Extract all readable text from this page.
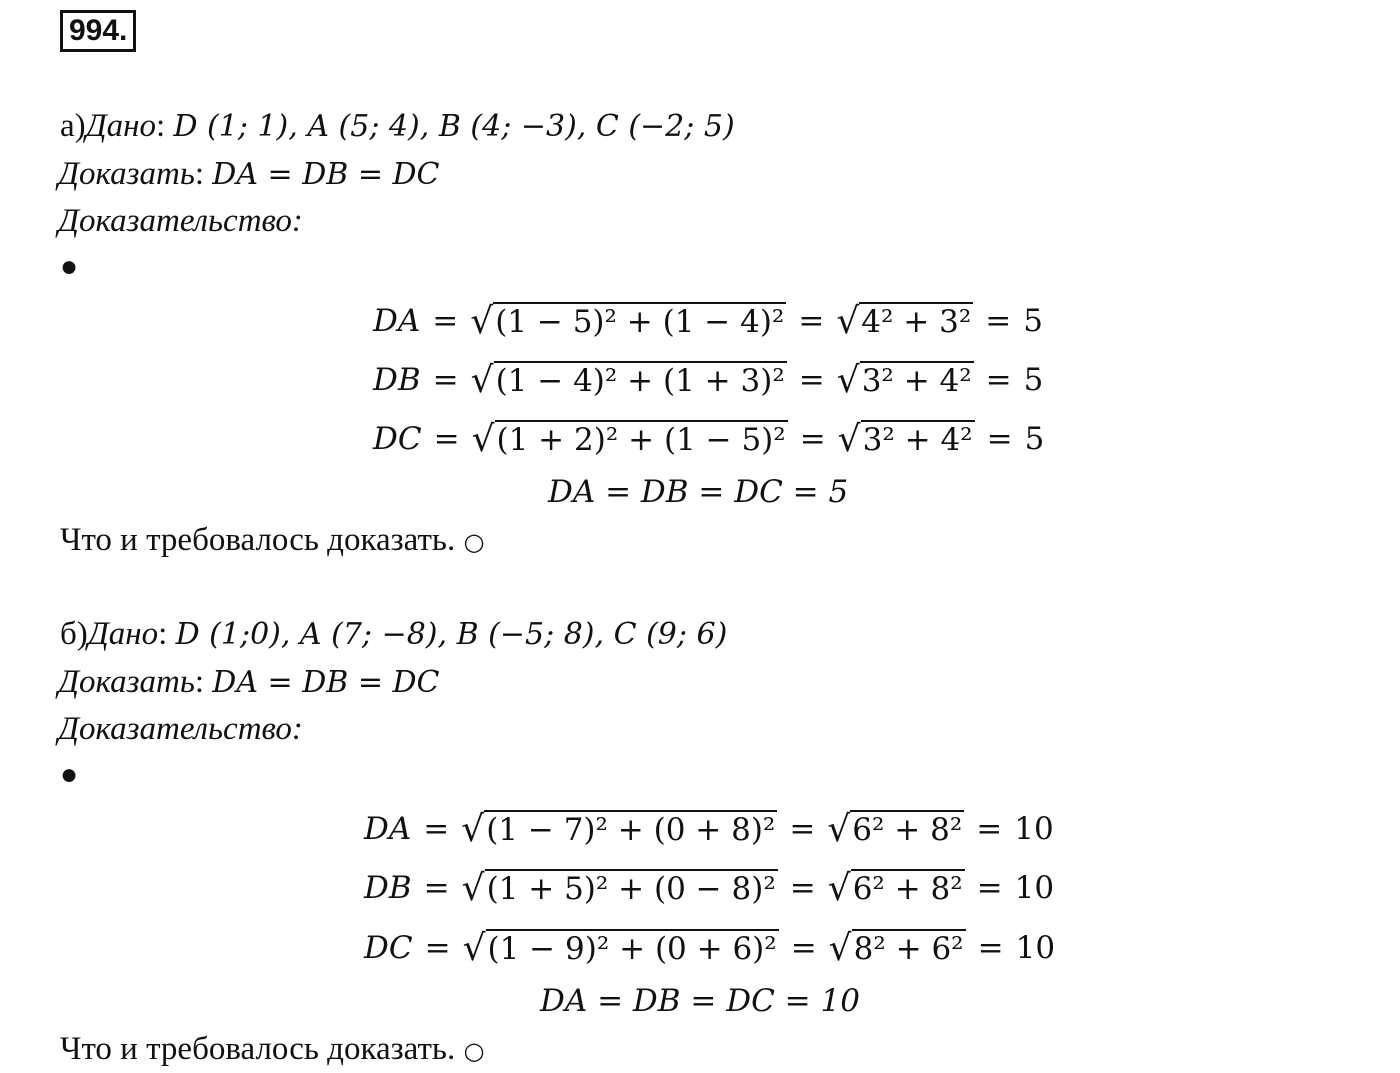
994.
а)Дано: D (1; 1), A (5; 4), B (4; −3), C (−2; 5)
Доказать: DA = DB = DC
Доказательство:
●
DA = √ (1 − 5)² + (1 − 4)² = √ 4² + 3² = 5
DB = √ (1 − 4)² + (1 + 3)² = √ 3² + 4² = 5
DC = √ (1 + 2)² + (1 − 5)² = √ 3² + 4² = 5
DA = DB = DC = 5
Что и требовалось доказать. ○
б)Дано: D (1;0), A (7; −8), B (−5; 8), C (9; 6)
Доказать: DA = DB = DC
Доказательство:
●
DA = √ (1 − 7)² + (0 + 8)² = √ 6² + 8² = 10
DB = √ (1 + 5)² + (0 − 8)² = √ 6² + 8² = 10
DC = √ (1 − 9)² + (0 + 6)² = √ 8² + 6² = 10
DA = DB = DC = 10
Что и требовалось доказать. ○
